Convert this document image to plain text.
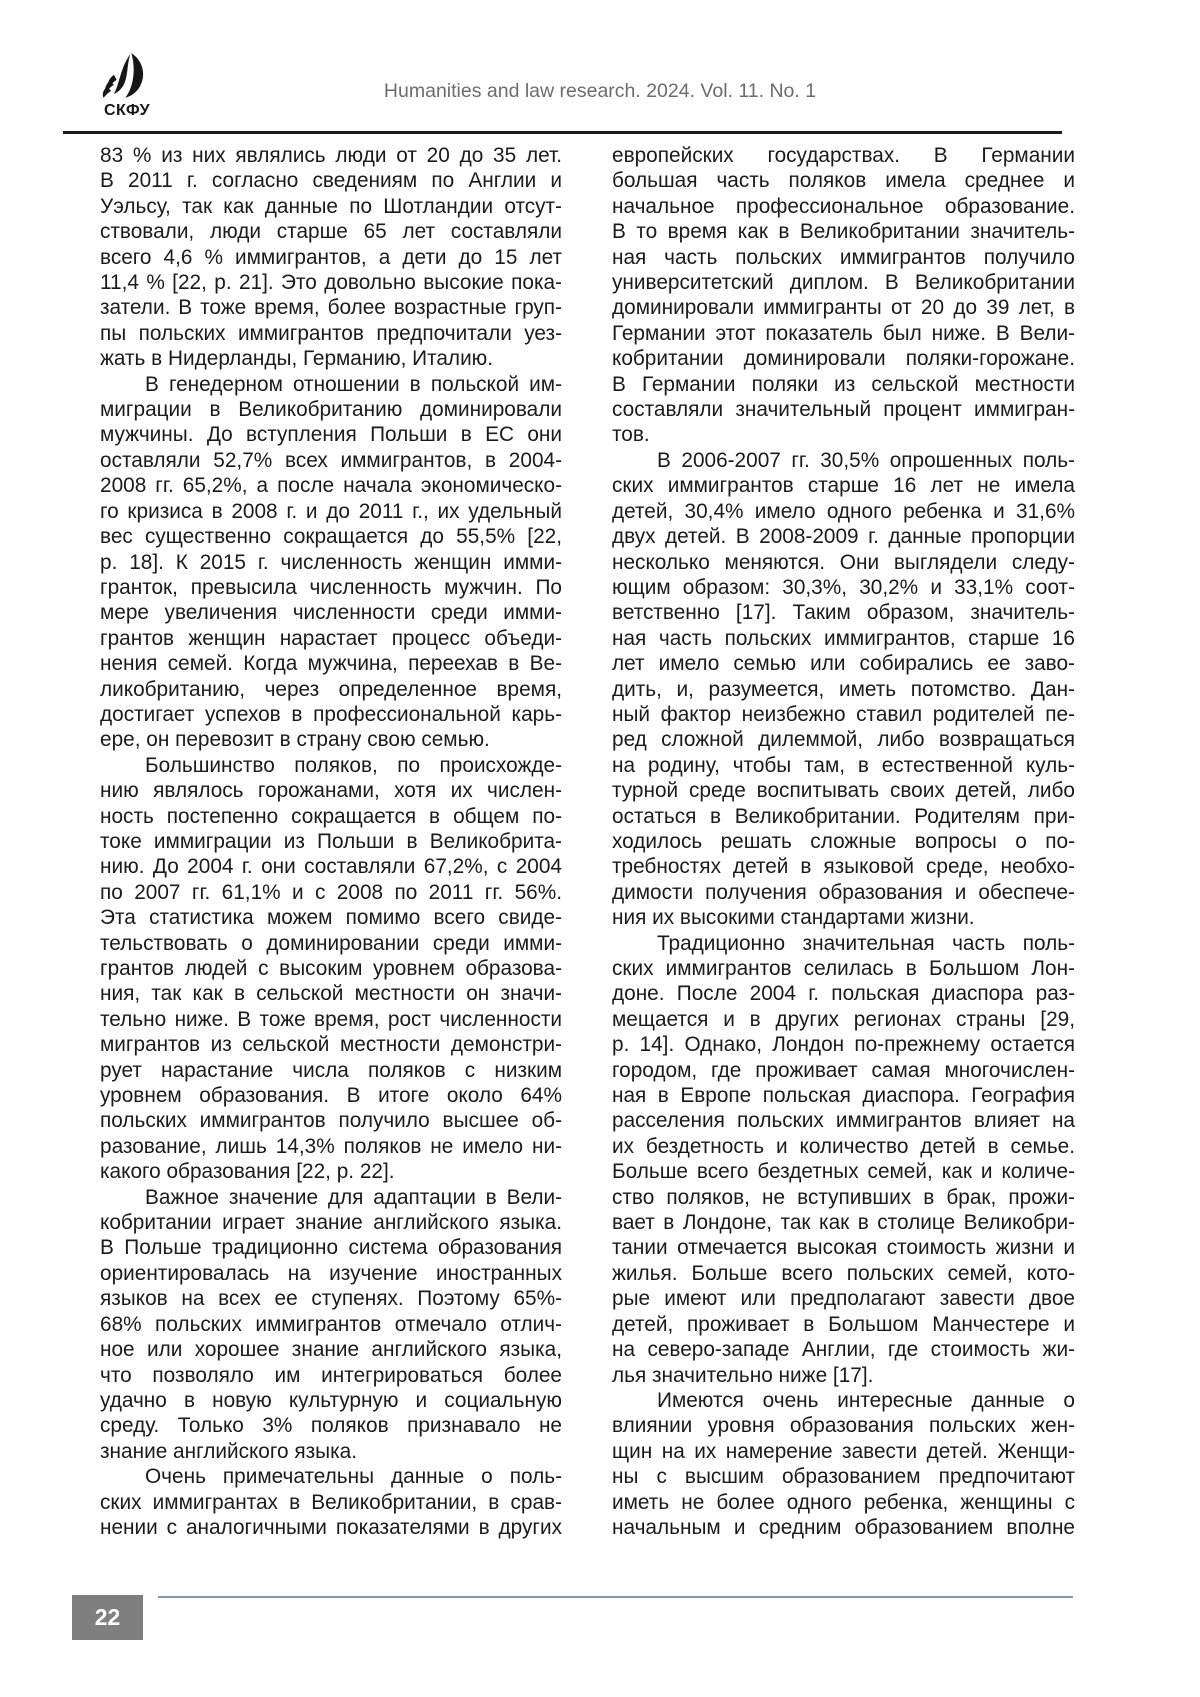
СКФУ
Humanities and law research. 2024. Vol. 11. No. 1
83 % из них являлись люди от 20 до 35 лет.
В 2011 г. согласно сведениям по Англии и
Уэльсу, так как данные по Шотландии отсут-
ствовали, люди старше 65 лет составляли
всего 4,6 % иммигрантов, а дети до 15 лет
11,4 % [22, p. 21]. Это довольно высокие пока-
затели. В тоже время, более возрастные груп-
пы польских иммигрантов предпочитали уез-
жать в Нидерланды, Германию, Италию.
В генедерном отношении в польской им-
миграции в Великобританию доминировали
мужчины. До вступления Польши в ЕС они
оставляли 52,7% всех иммигрантов, в 2004-
2008 гг. 65,2%, а после начала экономическо-
го кризиса в 2008 г. и до 2011 г., их удельный
вес существенно сокращается до 55,5% [22,
p. 18]. К 2015 г. численность женщин имми-
гранток, превысила численность мужчин. По
мере увеличения численности среди имми-
грантов женщин нарастает процесс объеди-
нения семей. Когда мужчина, переехав в Ве-
ликобританию, через определенное время,
достигает успехов в профессиональной карь-
ере, он перевозит в страну свою семью.
Большинство поляков, по происхожде-
нию являлось горожанами, хотя их числен-
ность постепенно сокращается в общем по-
токе иммиграции из Польши в Великобрита-
нию. До 2004 г. они составляли 67,2%, с 2004
по 2007 гг. 61,1% и с 2008 по 2011 гг. 56%.
Эта статистика можем помимо всего свиде-
тельствовать о доминировании среди имми-
грантов людей с высоким уровнем образова-
ния, так как в сельской местности он значи-
тельно ниже. В тоже время, рост численности
мигрантов из сельской местности демонстри-
рует нарастание числа поляков с низким
уровнем образования. В итоге около 64%
польских иммигрантов получило высшее об-
разование, лишь 14,3% поляков не имело ни-
какого образования [22, p. 22].
Важное значение для адаптации в Вели-
кобритании играет знание английского языка.
В Польше традиционно система образования
ориентировалась на изучение иностранных
языков на всех ее ступенях. Поэтому 65%-
68% польских иммигрантов отмечало отлич-
ное или хорошее знание английского языка,
что позволяло им интегрироваться более
удачно в новую культурную и социальную
среду. Только 3% поляков признавало не
знание английского языка.
Очень примечательны данные о поль-
ских иммигрантах в Великобритании, в срав-
нении с аналогичными показателями в других
европейских государствах. В Германии
большая часть поляков имела среднее и
начальное профессиональное образование.
В то время как в Великобритании значитель-
ная часть польских иммигрантов получило
университетский диплом. В Великобритании
доминировали иммигранты от 20 до 39 лет, в
Германии этот показатель был ниже. В Вели-
кобритании доминировали поляки-горожане.
В Германии поляки из сельской местности
составляли значительный процент иммигран-
тов.
В 2006-2007 гг. 30,5% опрошенных поль-
ских иммигрантов старше 16 лет не имела
детей, 30,4% имело одного ребенка и 31,6%
двух детей. В 2008-2009 г. данные пропорции
несколько меняются. Они выглядели следу-
ющим образом: 30,3%, 30,2% и 33,1% соот-
ветственно [17]. Таким образом, значитель-
ная часть польских иммигрантов, старше 16
лет имело семью или собирались ее заво-
дить, и, разумеется, иметь потомство. Дан-
ный фактор неизбежно ставил родителей пе-
ред сложной дилеммой, либо возвращаться
на родину, чтобы там, в естественной куль-
турной среде воспитывать своих детей, либо
остаться в Великобритании. Родителям при-
ходилось решать сложные вопросы о по-
требностях детей в языковой среде, необхо-
димости получения образования и обеспече-
ния их высокими стандартами жизни.
Традиционно значительная часть поль-
ских иммигрантов селилась в Большом Лон-
доне. После 2004 г. польская диаспора раз-
мещается и в других регионах страны [29,
p. 14]. Однако, Лондон по-прежнему остается
городом, где проживает самая многочислен-
ная в Европе польская диаспора. География
расселения польских иммигрантов влияет на
их бездетность и количество детей в семье.
Больше всего бездетных семей, как и количе-
ство поляков, не вступивших в брак, прожи-
вает в Лондоне, так как в столице Великобри-
тании отмечается высокая стоимость жизни и
жилья. Больше всего польских семей, кото-
рые имеют или предполагают завести двое
детей, проживает в Большом Манчестере и
на северо-западе Англии, где стоимость жи-
лья значительно ниже [17].
Имеются очень интересные данные о
влиянии уровня образования польских жен-
щин на их намерение завести детей. Женщи-
ны с высшим образованием предпочитают
иметь не более одного ребенка, женщины с
начальным и средним образованием вполне
22
